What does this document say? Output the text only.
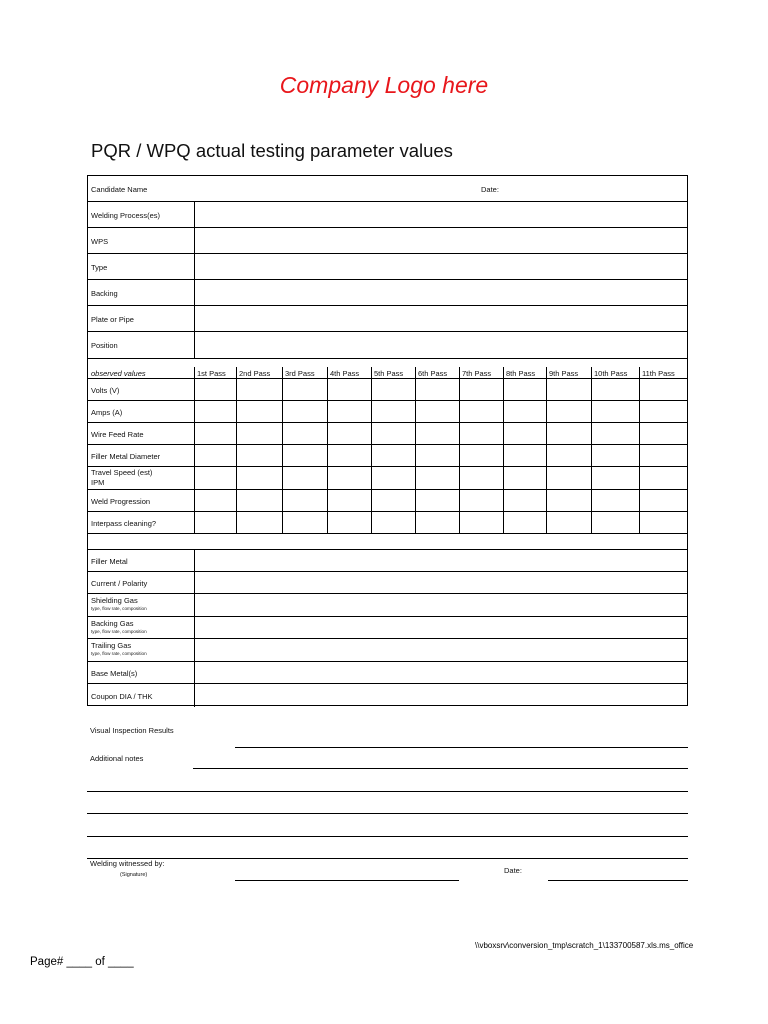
Company Logo here
PQR / WPQ actual testing parameter values
Candidate Name	Date:
Welding Process(es)
WPS
Type
Backing
Plate or Pipe
Position
observed values	1st Pass 2nd Pass 3rd Pass 4th Pass 5th Pass 6th Pass 7th Pass 8th Pass 9th Pass 10th Pass 11th Pass
Volts (V)
Amps (A)
Wire Feed Rate
Filler Metal Diameter
Travel Speed (est)
IPM
Weld Progression
Interpass cleaning?
Filler Metal
Current / Polarity
Shielding Gas
type, flow rate, composition
Backing Gas
type, flow rate, composition
Trailing Gas
type, flow rate, composition
Base Metal(s)
Coupon DIA / THK
Visual Inspection Results
Additional notes
Welding witnessed by:
(Signature)	Date:
\\vboxsrv\conversion_tmp\scratch_1\133700587.xls.ms_office
Page# ____ of ____
